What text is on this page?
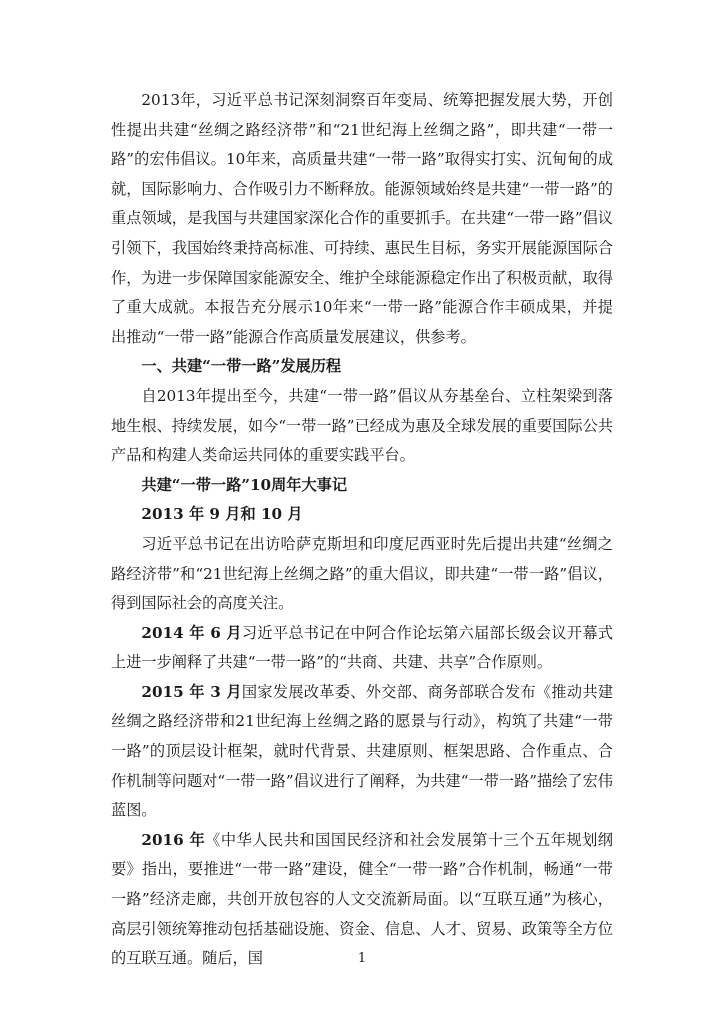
2013年，习近平总书记深刻洞察百年变局、统筹把握发展大势，开创性提出共建“丝绸之路经济带”和“21世纪海上丝绸之路”，即共建“一带一路”的宏伟倡议。10年来，高质量共建“一带一路”取得实打实、沉甸甸的成就，国际影响力、合作吸引力不断释放。能源领域始终是共建“一带一路”的重点领域，是我国与共建国家深化合作的重要抓手。在共建“一带一路”倡议引领下，我国始终秉持高标准、可持续、惠民生目标，务实开展能源国际合作，为进一步保障国家能源安全、维护全球能源稳定作出了积极贡献，取得了重大成就。本报告充分展示10年来“一带一路”能源合作丰硕成果，并提出推动“一带一路”能源合作高质量发展建议，供参考。

一、共建“一带一路”发展历程

自2013年提出至今，共建“一带一路”倡议从夯基垒台、立柱架梁到落地生根、持续发展，如今“一带一路”已经成为惠及全球发展的重要国际公共产品和构建人类命运共同体的重要实践平台。

共建“一带一路”10周年大事记
2013 年 9 月和 10 月

习近平总书记在出访哈萨克斯坦和印度尼西亚时先后提出共建“丝绸之路经济带”和“21世纪海上丝绸之路”的重大倡议，即共建“一带一路”倡议，得到国际社会的高度关注。

2014 年 6 月习近平总书记在中阿合作论坛第六届部长级会议开幕式上进一步阐释了共建“一带一路”的“共商、共建、共享”合作原则。

2015 年 3 月国家发展改革委、外交部、商务部联合发布《推动共建丝绸之路经济带和21世纪海上丝绸之路的愿景与行动》，构筑了共建“一带一路”的顶层设计框架，就时代背景、共建原则、框架思路、合作重点、合作机制等问题对“一带一路”倡议进行了阐释，为共建“一带一路”描绘了宏伟蓝图。

2016 年《中华人民共和国国民经济和社会发展第十三个五年规划纲要》指出，要推进“一带一路”建设，健全“一带一路”合作机制，畅通“一带一路”经济走廊，共创开放包容的人文交流新局面。以“互联互通”为核心，高层引领统筹推动包括基础设施、资金、信息、人才、贸易、政策等全方位的互联互通。随后，国	1
